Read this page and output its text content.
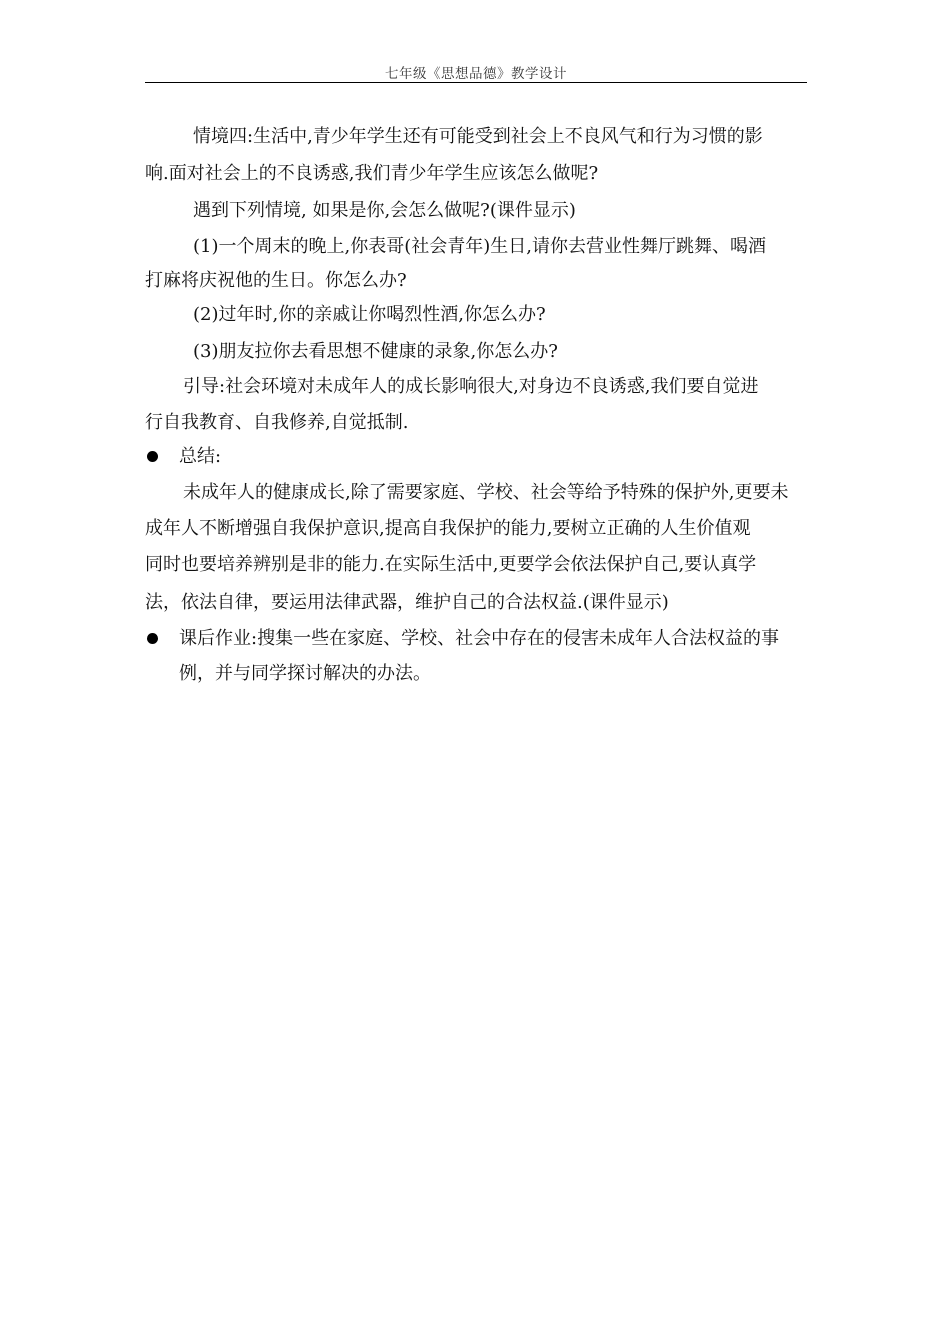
七年级《思想品德》教学设计
情境四:生活中,青少年学生还有可能受到社会上不良风气和行为习惯的影
响.面对社会上的不良诱惑,我们青少年学生应该怎么做呢?
遇到下列情境, 如果是你,会怎么做呢?(课件显示)
(1)一个周末的晚上,你表哥(社会青年)生日,请你去营业性舞厅跳舞、喝酒
打麻将庆祝他的生日。你怎么办?
(2)过年时,你的亲戚让你喝烈性酒,你怎么办?
(3)朋友拉你去看思想不健康的录象,你怎么办?
引导:社会环境对未成年人的成长影响很大,对身边不良诱惑,我们要自觉进
行自我教育、自我修养,自觉抵制.
总结:
未成年人的健康成长,除了需要家庭、学校、社会等给予特殊的保护外,更要未
成年人不断增强自我保护意识,提高自我保护的能力,要树立正确的人生价值观
同时也要培养辨别是非的能力.在实际生活中,更要学会依法保护自己,要认真学
法，依法自律，要运用法律武器，维护自己的合法权益.(课件显示)
课后作业:搜集一些在家庭、学校、社会中存在的侵害未成年人合法权益的事
例，并与同学探讨解决的办法。
